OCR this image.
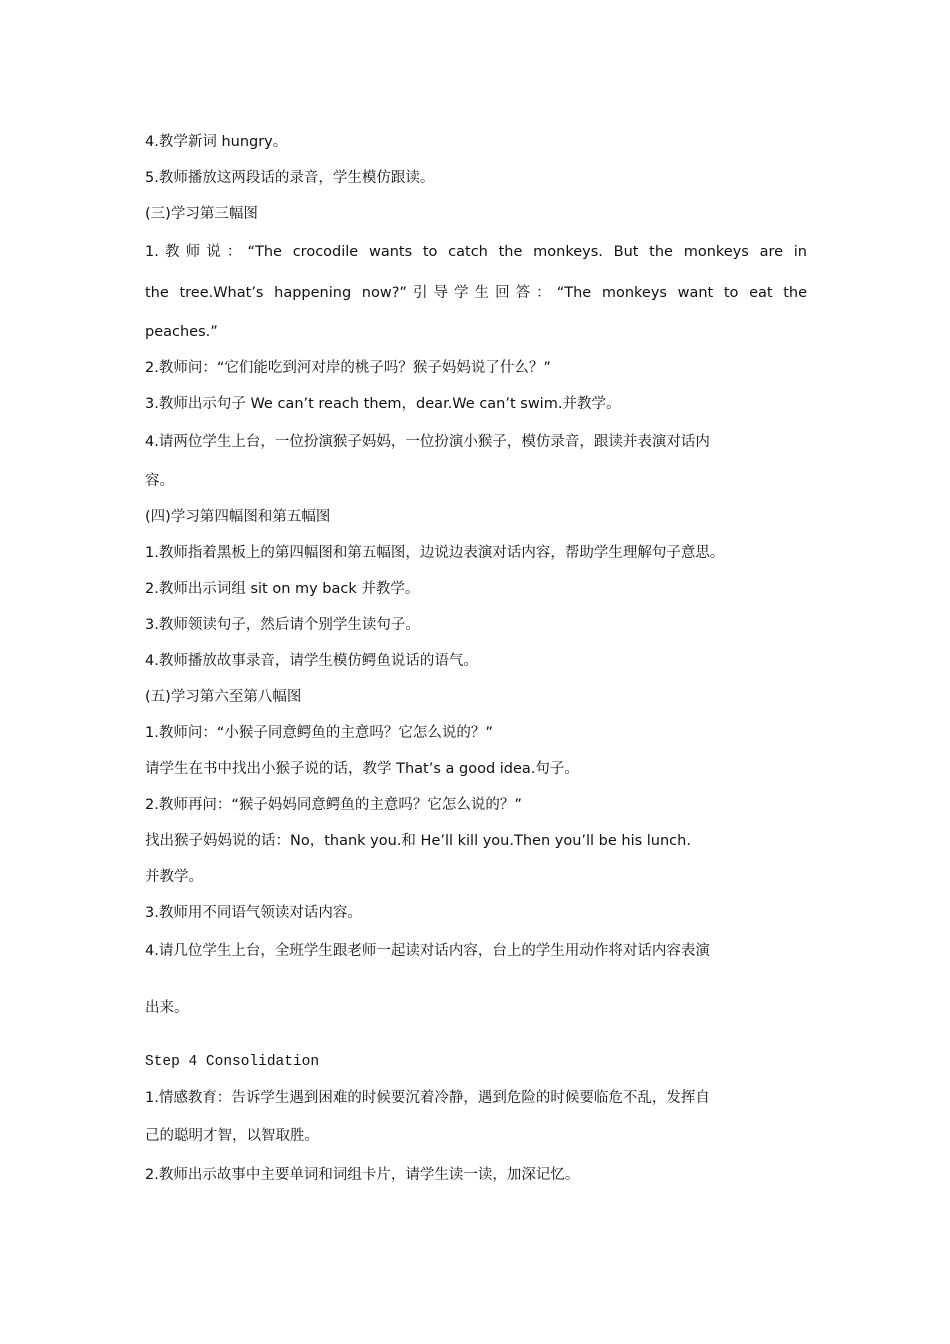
4.教学新词 hungry。
5.教师播放这两段话的录音，学生模仿跟读。
(三)学习第三幅图
1.教师说：“The crocodile wants to catch the monkeys. But the monkeys are in
the tree.What’s happening now?”引导学生回答：“The monkeys want to eat the
peaches.”
2.教师问：“它们能吃到河对岸的桃子吗？猴子妈妈说了什么？”
3.教师出示句子 We can’t reach them，dear.We can’t swim.并教学。
4.请两位学生上台，一位扮演猴子妈妈，一位扮演小猴子，模仿录音，跟读并表演对话内
容。
(四)学习第四幅图和第五幅图
1.教师指着黑板上的第四幅图和第五幅图，边说边表演对话内容，帮助学生理解句子意思。
2.教师出示词组 sit on my back 并教学。
3.教师领读句子，然后请个别学生读句子。
4.教师播放故事录音，请学生模仿鳄鱼说话的语气。
(五)学习第六至第八幅图
1.教师问：“小猴子同意鳄鱼的主意吗？它怎么说的？”
请学生在书中找出小猴子说的话，教学 That’s a good idea.句子。
2.教师再问：“猴子妈妈同意鳄鱼的主意吗？它怎么说的？”
找出猴子妈妈说的话：No，thank you.和 He’ll kill you.Then you’ll be his lunch.
并教学。
3.教师用不同语气领读对话内容。
4.请几位学生上台，全班学生跟老师一起读对话内容，台上的学生用动作将对话内容表演
出来。
Step 4 Consolidation
1.情感教育：告诉学生遇到困难的时候要沉着冷静，遇到危险的时候要临危不乱，发挥自
己的聪明才智，以智取胜。
2.教师出示故事中主要单词和词组卡片，请学生读一读，加深记忆。
